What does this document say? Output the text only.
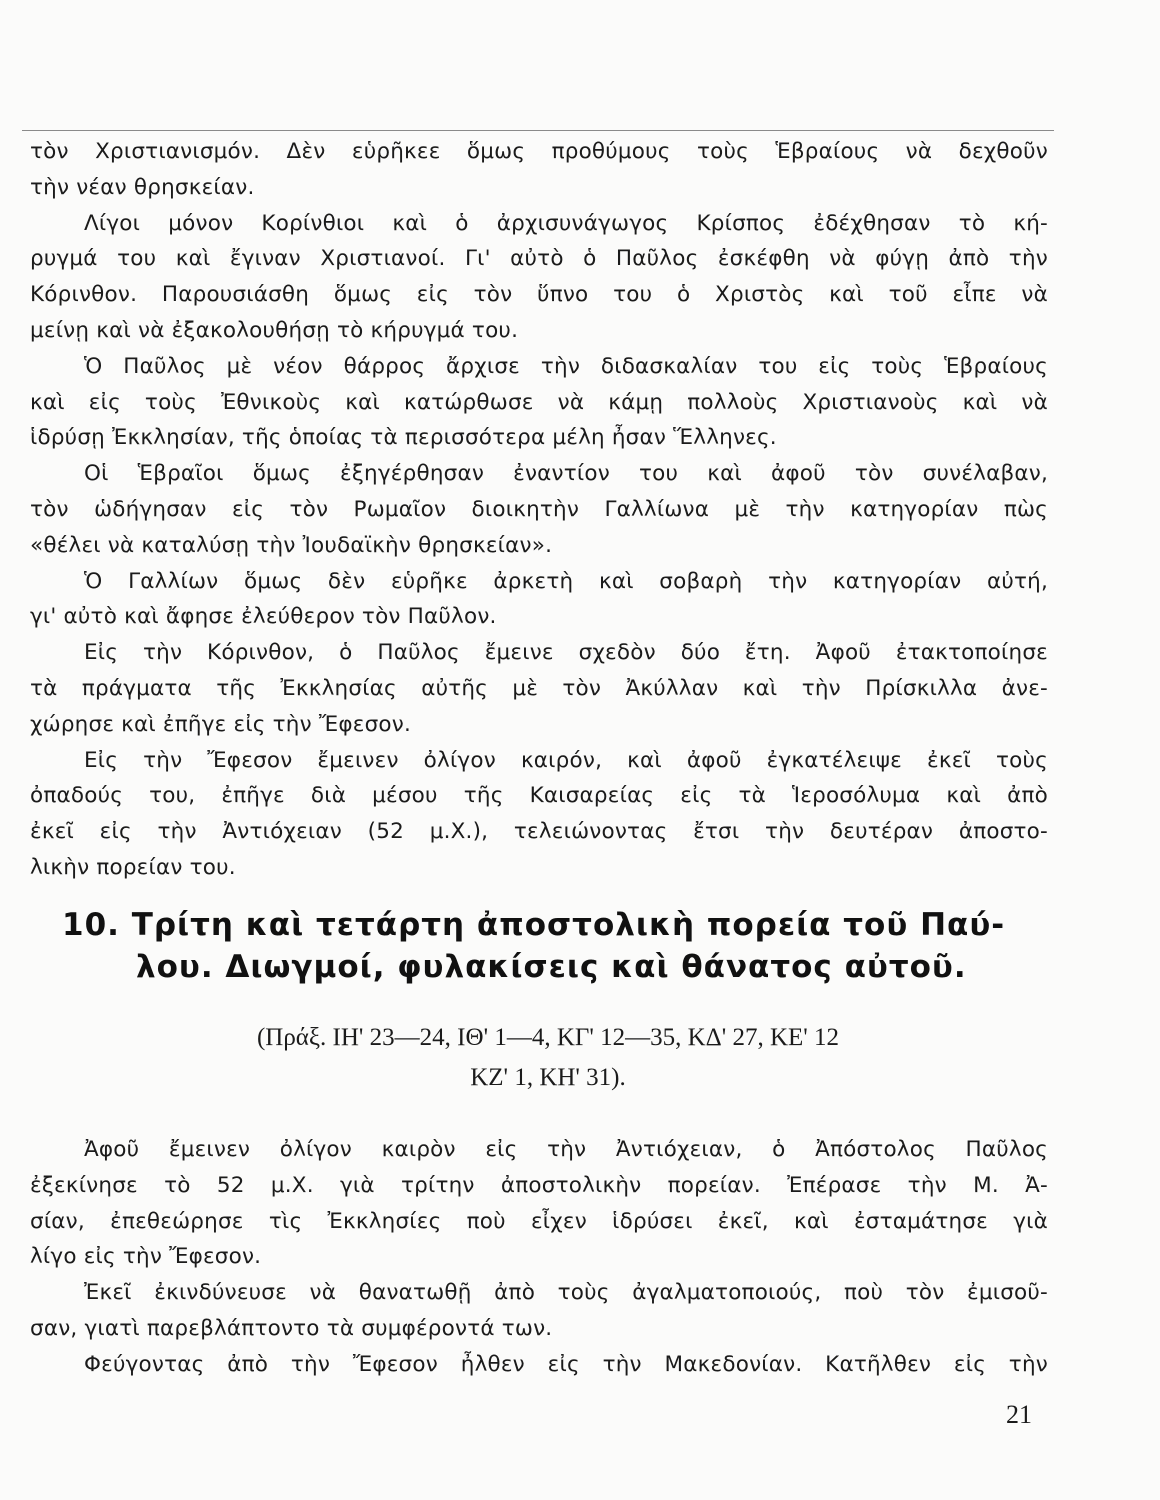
τὸν Χριστιανισμόν. Δὲν εὑρῆκεε ὅμως προθύμους τοὺς Ἑβραίους νὰ δεχθοῦν
τὴν νέαν θρησκείαν.
Λίγοι μόνον Κορίνθιοι καὶ ὁ ἀρχισυνάγωγος Κρίσπος ἐδέχθησαν τὸ κή-
ρυγμά του καὶ ἔγιναν Χριστιανοί. Γι' αὐτὸ ὁ Παῦλος ἐσκέφθη νὰ φύγῃ ἀπὸ τὴν
Κόρινθον. Παρουσιάσθη ὅμως εἰς τὸν ὕπνο του ὁ Χριστὸς καὶ τοῦ εἶπε νὰ
μείνῃ καὶ νὰ ἐξακολουθήσῃ τὸ κήρυγμά του.
Ὁ Παῦλος μὲ νέον θάρρος ἄρχισε τὴν διδασκαλίαν του εἰς τοὺς Ἑβραίους
καὶ εἰς τοὺς Ἐθνικοὺς καὶ κατώρθωσε νὰ κάμῃ πολλοὺς Χριστιανοὺς καὶ νὰ
ἱδρύσῃ Ἐκκλησίαν, τῆς ὁποίας τὰ περισσότερα μέλη ἦσαν Ἕλληνες.
Οἱ Ἑβραῖοι ὅμως ἐξηγέρθησαν ἐναντίον του καὶ ἀφοῦ τὸν συνέλαβαν,
τὸν ὡδήγησαν εἰς τὸν Ρωμαῖον διοικητὴν Γαλλίωνα μὲ τὴν κατηγορίαν πὼς
«θέλει νὰ καταλύσῃ τὴν Ἰουδαϊκὴν θρησκείαν».
Ὁ Γαλλίων ὅμως δὲν εὑρῆκε ἀρκετὴ καὶ σοβαρὴ τὴν κατηγορίαν αὐτή,
γι' αὐτὸ καὶ ἄφησε ἐλεύθερον τὸν Παῦλον.
Εἰς τὴν Κόρινθον, ὁ Παῦλος ἔμεινε σχεδὸν δύο ἔτη. Ἀφοῦ ἐτακτοποίησε
τὰ πράγματα τῆς Ἐκκλησίας αὐτῆς μὲ τὸν Ἀκύλλαν καὶ τὴν Πρίσκιλλα ἀνε-
χώρησε καὶ ἐπῆγε εἰς τὴν Ἔφεσον.
Εἰς τὴν Ἔφεσον ἔμεινεν ὀλίγον καιρόν, καὶ ἀφοῦ ἐγκατέλειψε ἐκεῖ τοὺς
ὀπαδούς του, ἐπῆγε διὰ μέσου τῆς Καισαρείας εἰς τὰ Ἱεροσόλυμα καὶ ἀπὸ
ἐκεῖ εἰς τὴν Ἀντιόχειαν (52 μ.Χ.), τελειώνοντας ἔτσι τὴν δευτέραν ἀποστο-
λικὴν πορείαν του.
10. Τρίτη καὶ τετάρτη ἀποστολικὴ πορεία τοῦ Παύ-
λου. Διωγμοί, φυλακίσεις καὶ θάνατος αὐτοῦ.
(Πράξ. ΙΗ' 23—24, ΙΘ' 1—4, ΚΓ' 12—35, ΚΔ' 27, ΚΕ' 12
ΚΖ' 1, ΚΗ' 31).
Ἀφοῦ ἔμεινεν ὀλίγον καιρὸν εἰς τὴν Ἀντιόχειαν, ὁ Ἀπόστολος Παῦλος
ἐξεκίνησε τὸ 52 μ.Χ. γιὰ τρίτην ἀποστολικὴν πορείαν. Ἐπέρασε τὴν Μ. Ἀ-
σίαν, ἐπεθεώρησε τὶς Ἐκκλησίες ποὺ εἶχεν ἱδρύσει ἐκεῖ, καὶ ἐσταμάτησε γιὰ
λίγο εἰς τὴν Ἔφεσον.
Ἐκεῖ ἐκινδύνευσε νὰ θανατωθῇ ἀπὸ τοὺς ἀγαλματοποιούς, ποὺ τὸν ἐμισοῦ-
σαν, γιατὶ παρεβλάπτοντο τὰ συμφέροντά των.
Φεύγοντας ἀπὸ τὴν Ἔφεσον ἦλθεν εἰς τὴν Μακεδονίαν. Κατῆλθεν εἰς τὴν
21
